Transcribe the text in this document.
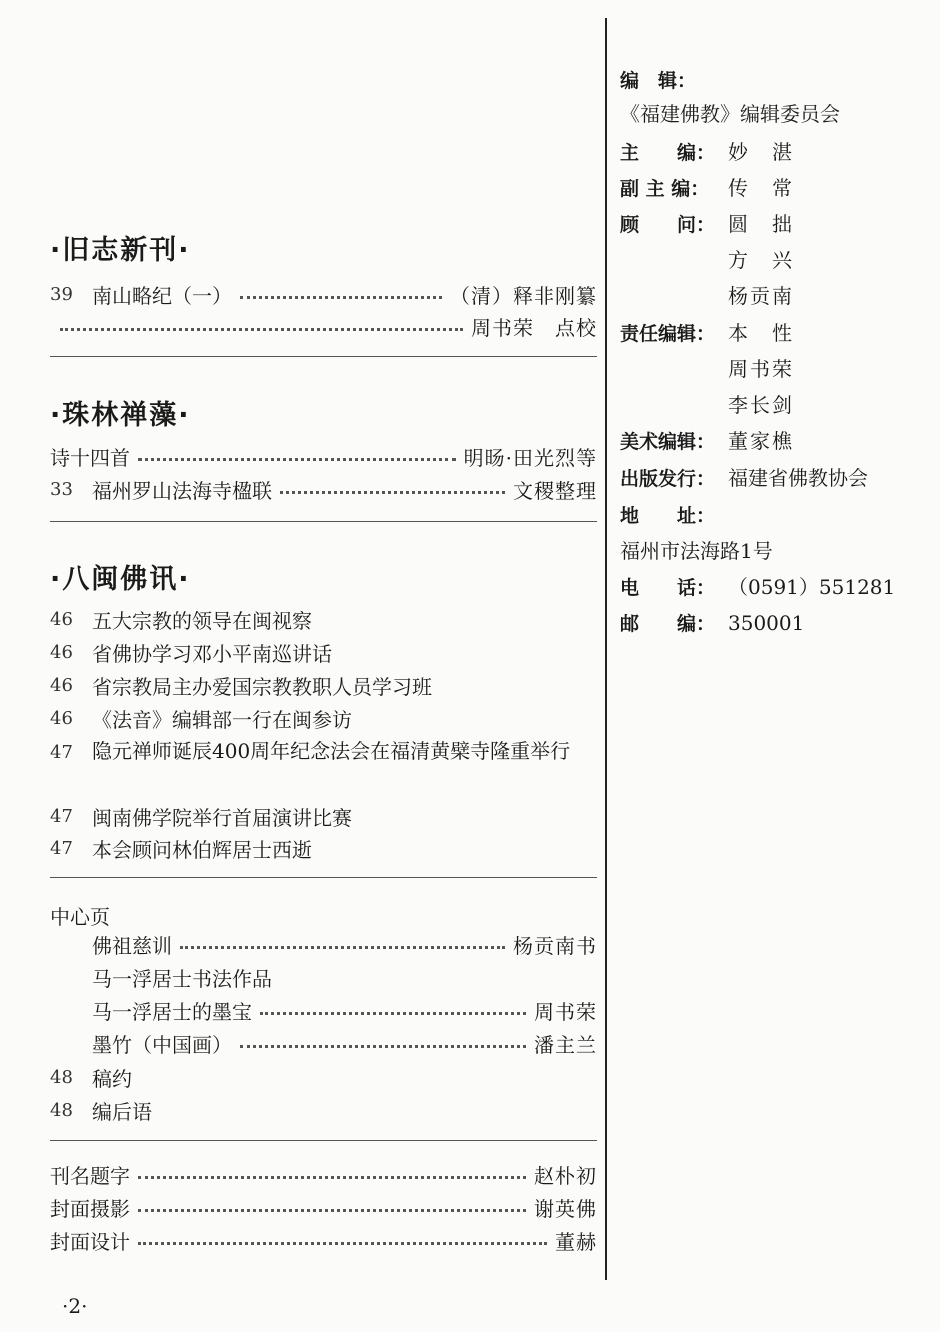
·旧志新刊·
39 南山略纪（一）	（清）释非刚纂
周书荣　点校
·珠林禅藻·
诗十四首	明旸·田光烈等
33 福州罗山法海寺楹联	文稷整理
·八闽佛讯·
46 五大宗教的领导在闽视察
46 省佛协学习邓小平南巡讲话
46 省宗教局主办爱国宗教教职人员学习班
46 《法音》编辑部一行在闽参访
47 隐元禅师诞辰400周年纪念法会在福清黄檗寺隆重举行
47 闽南佛学院举行首届演讲比赛
47 本会顾问林伯辉居士西逝
中心页
佛祖慈训	杨贡南书
马一浮居士书法作品
马一浮居士的墨宝	周书荣
墨竹（中国画）	潘主兰
48 稿约
48 编后语
刊名题字	赵朴初
封面摄影	谢英佛
封面设计	董赫
编　辑：
《福建佛教》编辑委员会
主　　编： 妙　湛
副 主 编： 传　常
顾　　问： 圆　拙
方　兴
杨贡南
责任编辑： 本　性
周书荣
李长剑
美术编辑： 董家樵
出版发行： 福建省佛教协会
地　　址：
福州市法海路1号
电　　话： （0591）551281
邮　　编： 350001
·2·
